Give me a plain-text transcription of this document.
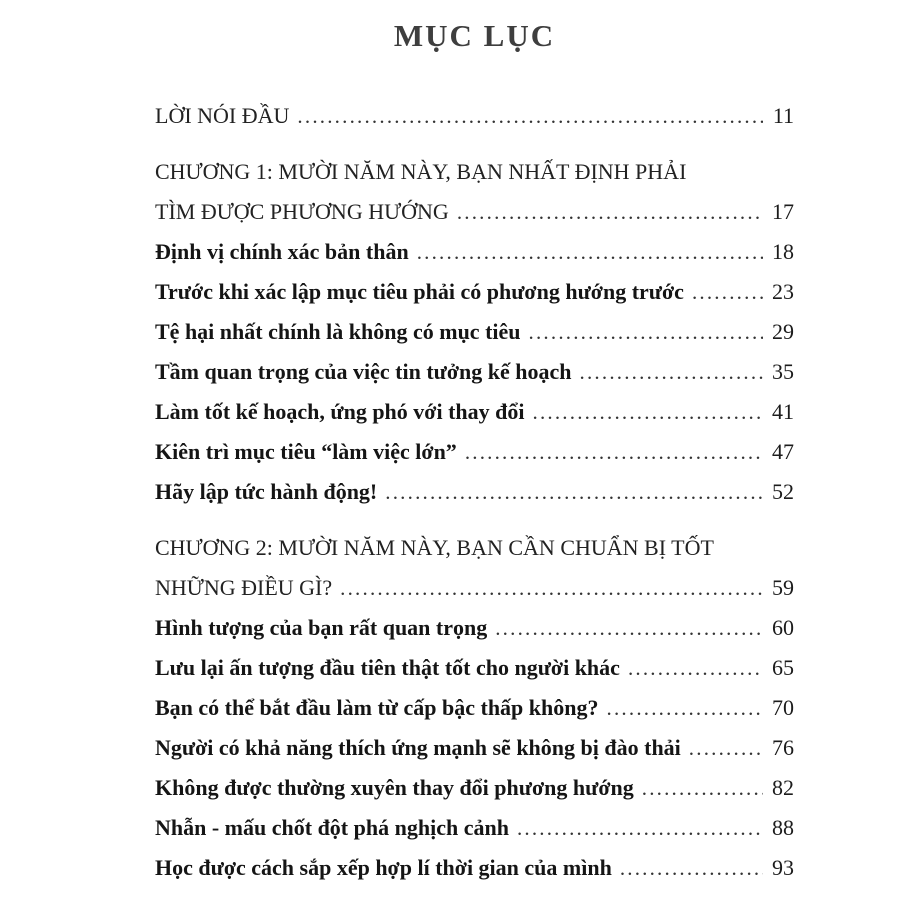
MỤC LỤC
LỜI NÓI ĐẦU .....	11
CHƯƠNG 1: MƯỜI NĂM NÀY, BẠN NHẤT ĐỊNH PHẢI
TÌM ĐƯỢC PHƯƠNG HƯỚNG .....	17
Định vị chính xác bản thân .....	18
Trước khi xác lập mục tiêu phải có phương hướng trước .....	23
Tệ hại nhất chính là không có mục tiêu .....	29
Tầm quan trọng của việc tin tưởng kế hoạch .....	35
Làm tốt kế hoạch, ứng phó với thay đổi .....	41
Kiên trì mục tiêu “làm việc lớn” .....	47
Hãy lập tức hành động! .....	52
CHƯƠNG 2: MƯỜI NĂM NÀY, BẠN CẦN CHUẨN BỊ TỐT
NHỮNG ĐIỀU GÌ? .....	59
Hình tượng của bạn rất quan trọng .....	60
Lưu lại ấn tượng đầu tiên thật tốt cho người khác .....	65
Bạn có thể bắt đầu làm từ cấp bậc thấp không? .....	70
Người có khả năng thích ứng mạnh sẽ không bị đào thải .....	76
Không được thường xuyên thay đổi phương hướng .....	82
Nhẫn - mấu chốt đột phá nghịch cảnh .....	88
Học được cách sắp xếp hợp lí thời gian của mình .....	93
